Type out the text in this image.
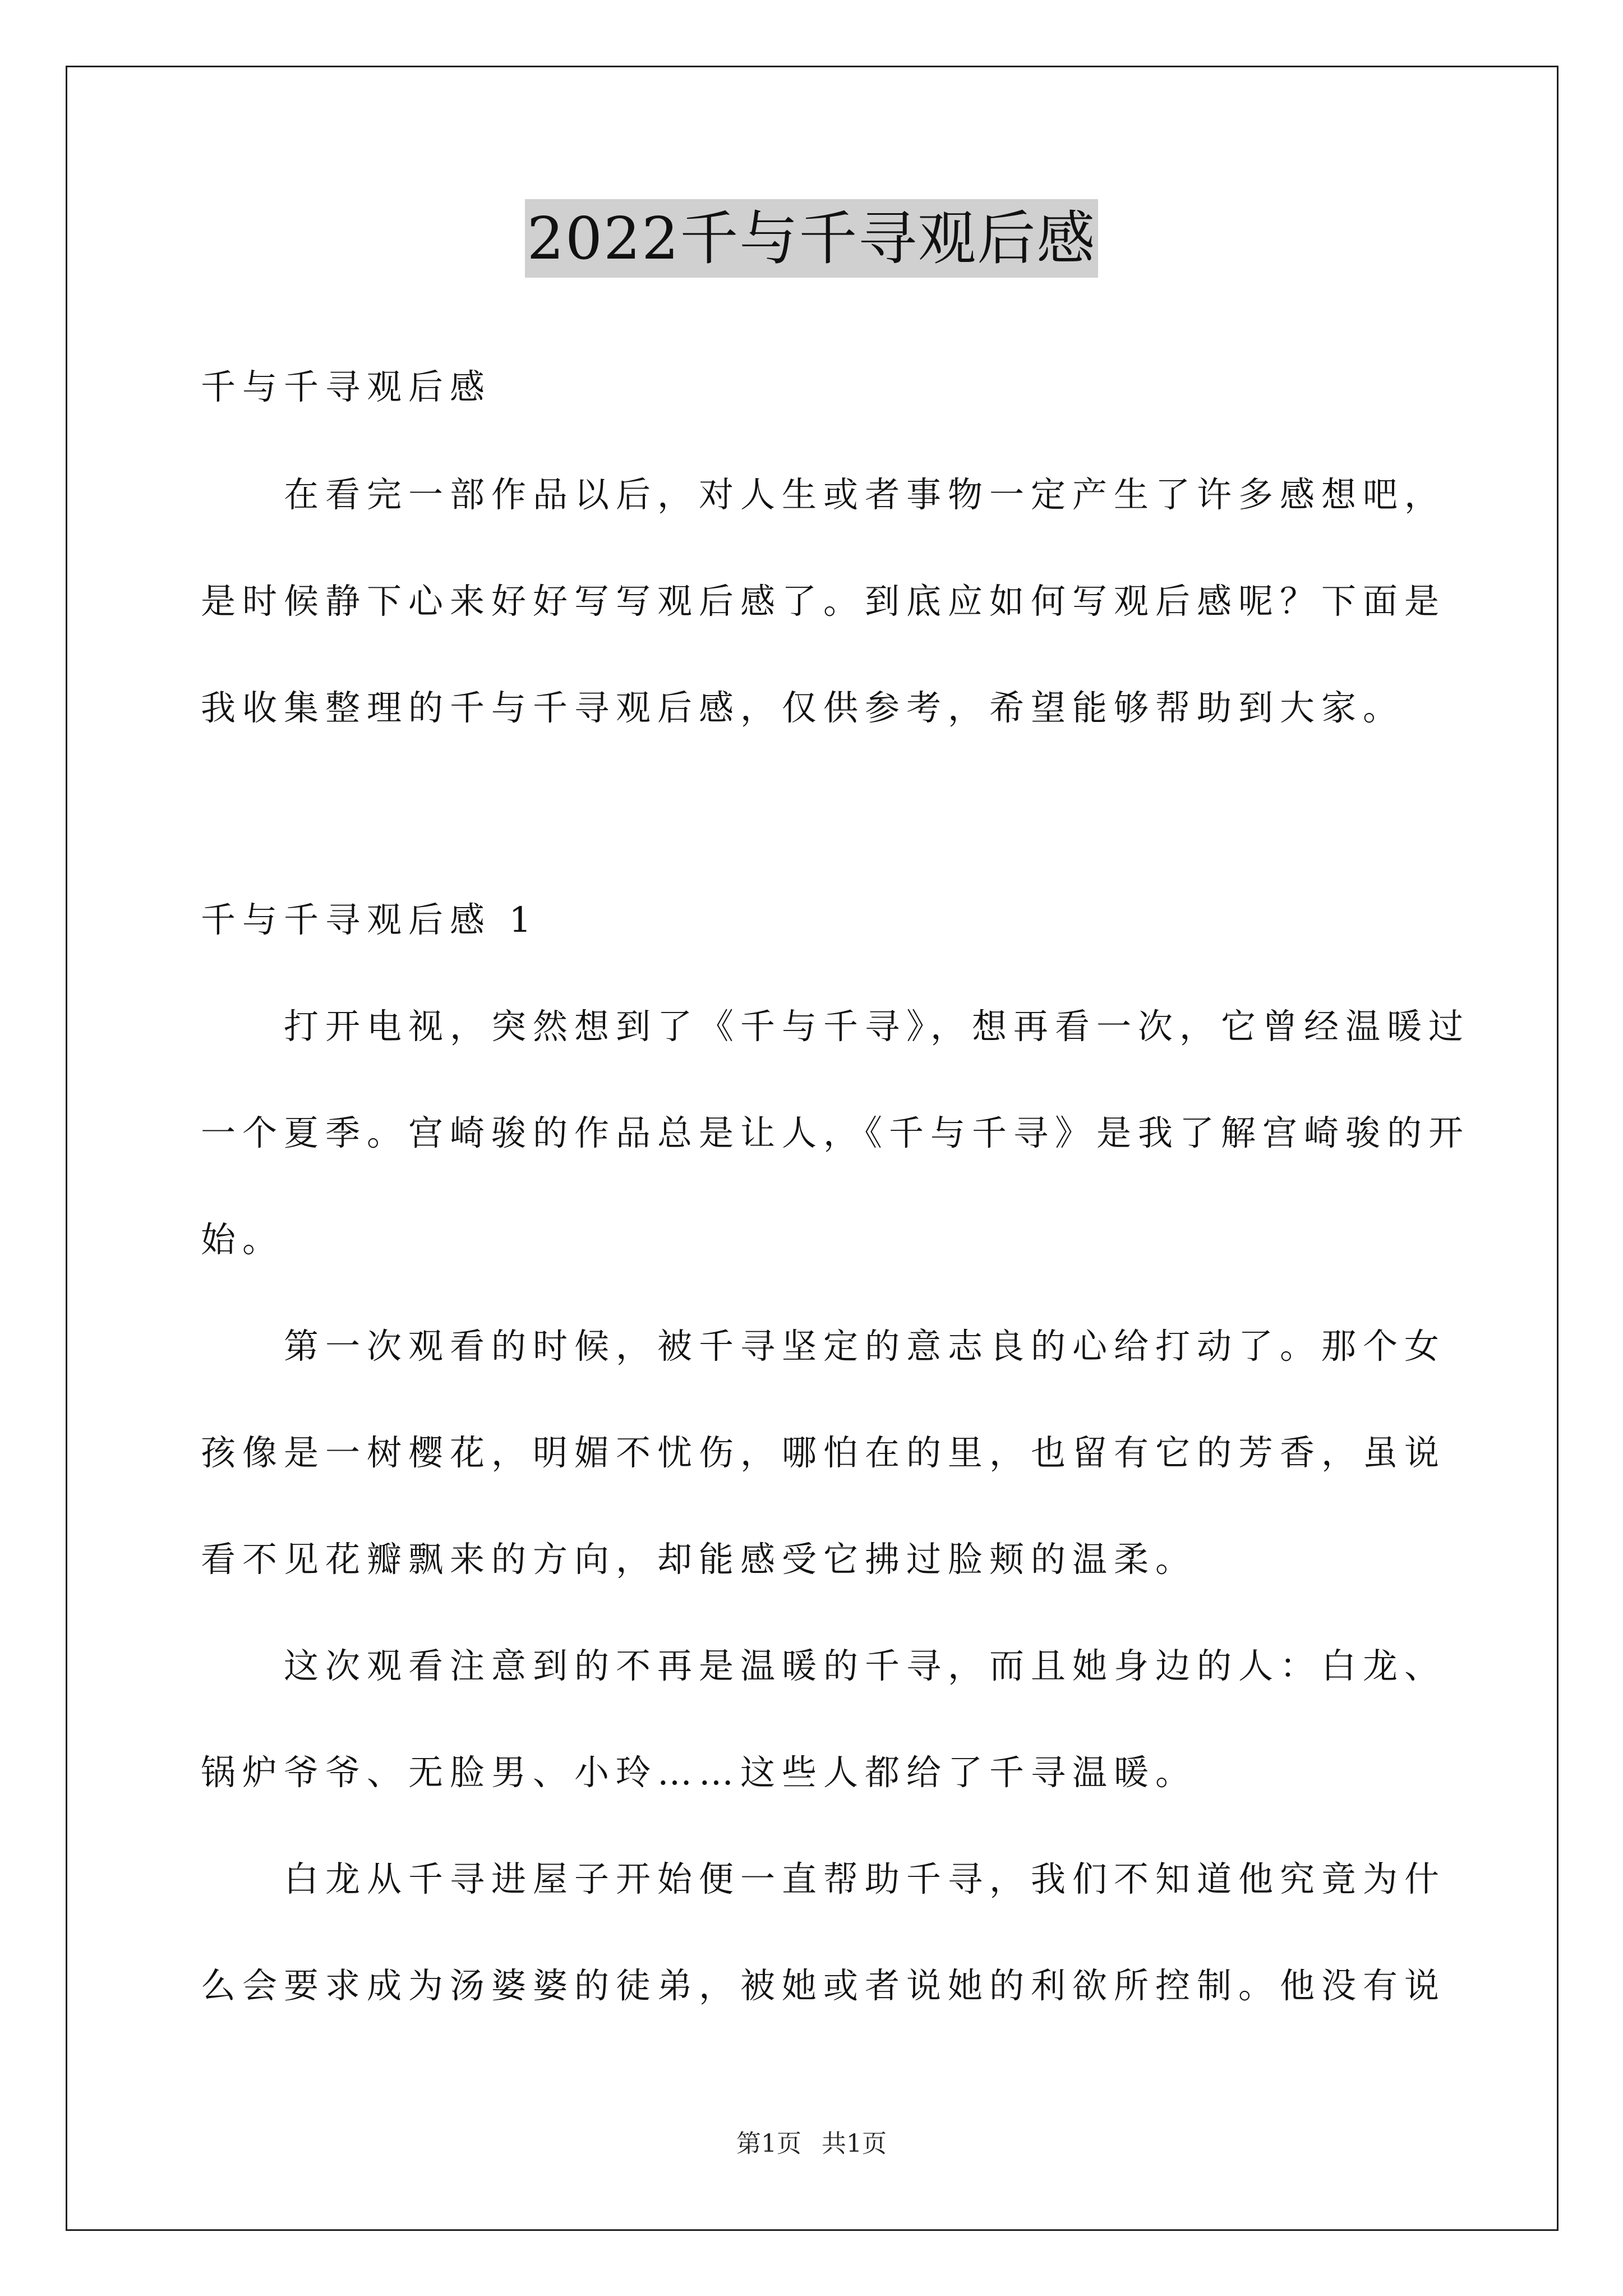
2022千与千寻观后感
千与千寻观后感
在看完一部作品以后，对人生或者事物一定产生了许多感想吧，
是时候静下心来好好写写观后感了。到底应如何写观后感呢？下面是
我收集整理的千与千寻观后感，仅供参考，希望能够帮助到大家。
千与千寻观后感 1
打开电视，突然想到了《千与千寻》，想再看一次，它曾经温暖过
一个夏季。宫崎骏的作品总是让人，《千与千寻》是我了解宫崎骏的开
始。
第一次观看的时候，被千寻坚定的意志良的心给打动了。那个女
孩像是一树樱花，明媚不忧伤，哪怕在的里，也留有它的芳香，虽说
看不见花瓣飘来的方向，却能感受它拂过脸颊的温柔。
这次观看注意到的不再是温暖的千寻，而且她身边的人：白龙、
锅炉爷爷、无脸男、小玲……这些人都给了千寻温暖。
白龙从千寻进屋子开始便一直帮助千寻，我们不知道他究竟为什
么会要求成为汤婆婆的徒弟，被她或者说她的利欲所控制。他没有说
第1页 共1页
